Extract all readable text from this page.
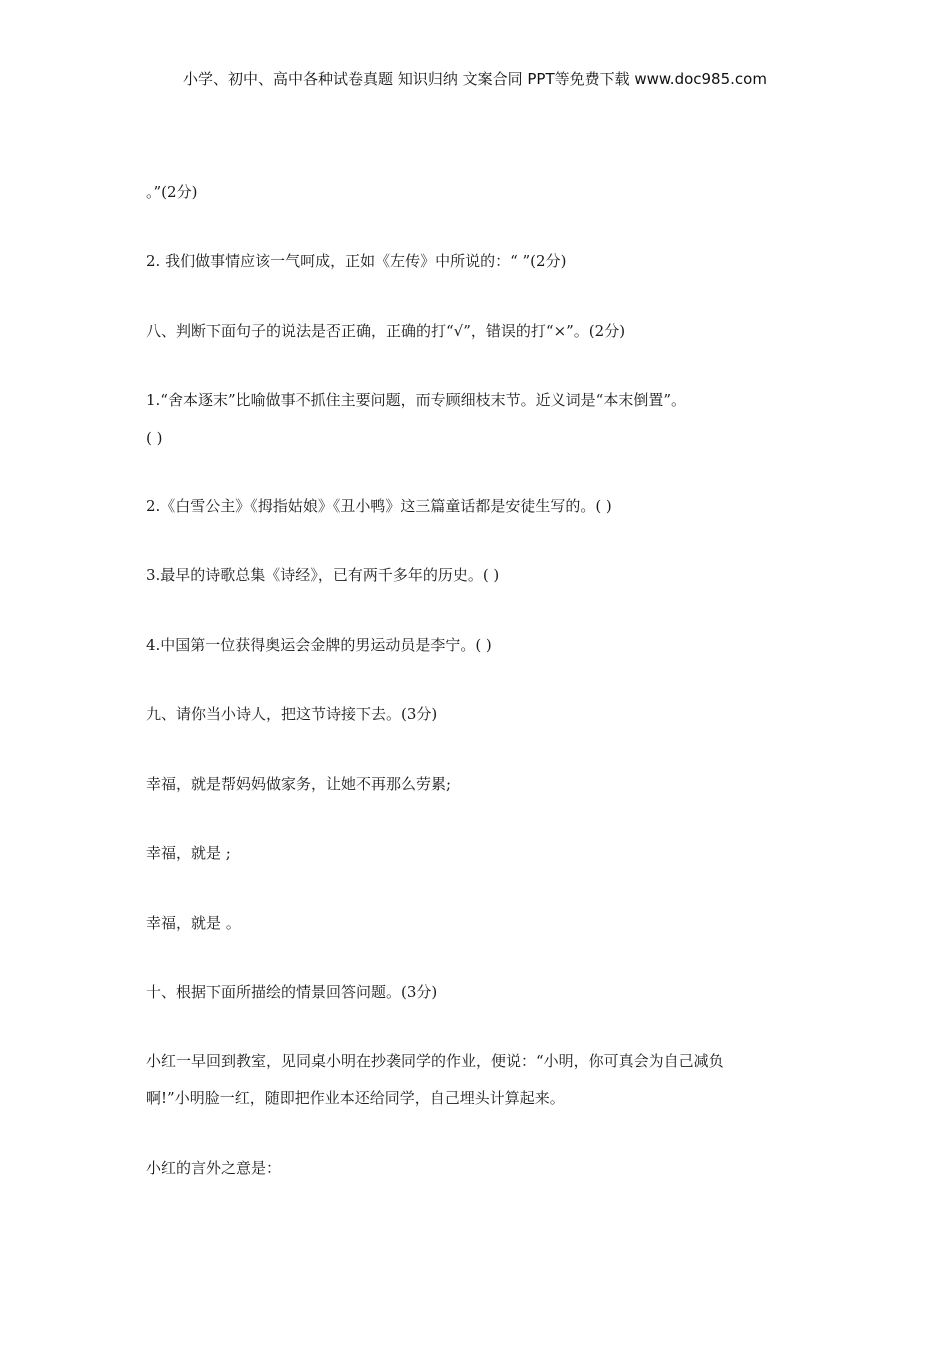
小学、初中、高中各种试卷真题 知识归纳 文案合同 PPT等免费下载 www.doc985.com
。”(2分)
2. 我们做事情应该一气呵成，正如《左传》中所说的：“ ”(2分)
八、判断下面句子的说法是否正确，正确的打“√”，错误的打“×”。(2分)
1.“舍本逐末”比喻做事不抓住主要问题，而专顾细枝末节。近义词是“本末倒置”。
( )
2.《白雪公主》《拇指姑娘》《丑小鸭》这三篇童话都是安徒生写的。( )
3.最早的诗歌总集《诗经》，已有两千多年的历史。( )
4.中国第一位获得奥运会金牌的男运动员是李宁。( )
九、请你当小诗人，把这节诗接下去。(3分)
幸福，就是帮妈妈做家务，让她不再那么劳累;
幸福，就是 ;
幸福，就是 。
十、根据下面所描绘的情景回答问题。(3分)
小红一早回到教室，见同桌小明在抄袭同学的作业，便说：“小明，你可真会为自己减负
啊!”小明脸一红，随即把作业本还给同学，自己埋头计算起来。
小红的言外之意是：
